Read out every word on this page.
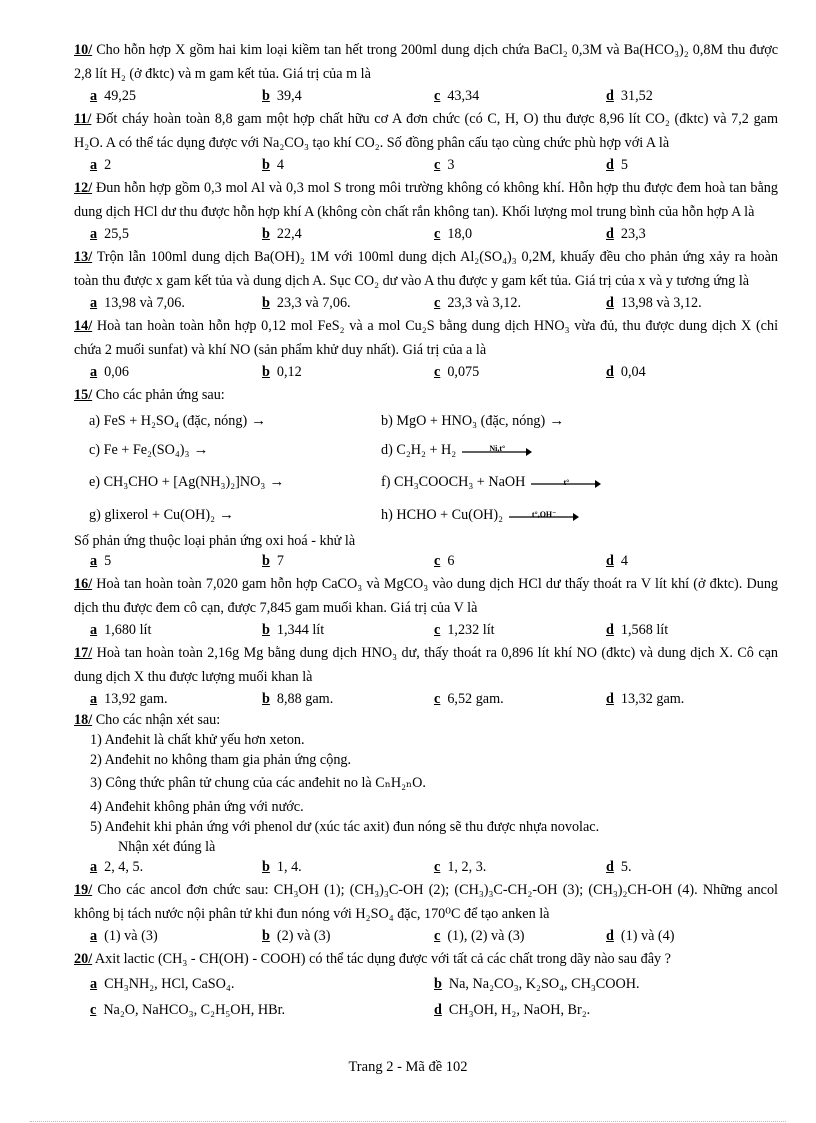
10/ Cho hỗn hợp X gồm hai kim loại kiềm tan hết trong 200ml dung dịch chứa BaCl₂ 0,3M và Ba(HCO₃)₂ 0,8M thu được 2,8 lít H₂ (ở đktc) và m gam kết tủa. Giá trị của m là

a 49,25	b 39,4	c 43,34	d 31,52

11/ Đốt cháy hoàn toàn 8,8 gam một hợp chất hữu cơ A đơn chức (có C, H, O) thu được 8,96 lít CO₂ (đktc) và 7,2 gam H₂O. A có thể tác dụng được với Na₂CO₃ tạo khí CO₂. Số đồng phân cấu tạo cùng chức phù hợp với A là

a 2	b 4	c 3	d 5

12/ Đun hỗn hợp gồm 0,3 mol Al và 0,3 mol S trong môi trường không có không khí. Hỗn hợp thu được đem hoà tan bằng dung dịch HCl dư thu được hỗn hợp khí A (không còn chất rắn không tan). Khối lượng mol trung bình của hỗn hợp A là

a 25,5	b 22,4	c 18,0	d 23,3

13/ Trộn lẫn 100ml dung dịch Ba(OH)₂ 1M với 100ml dung dịch Al₂(SO₄)₃ 0,2M, khuấy đều cho phản ứng xảy ra hoàn toàn thu được x gam kết tủa và dung dịch A. Sục CO₂ dư vào A thu được y gam kết tủa. Giá trị của x và y tương ứng là

a 13,98 và 7,06.	b 23,3 và 7,06.	c 23,3 và 3,12.	d 13,98 và 3,12.

14/ Hoà tan hoàn toàn hỗn hợp 0,12 mol FeS₂ và a mol Cu₂S bằng dung dịch HNO₃ vừa đủ, thu được dung dịch X (chỉ chứa 2 muối sunfat) và khí NO (sản phẩm khử duy nhất). Giá trị của a là

a 0,06	b 0,12	c 0,075	d 0,04

15/ Cho các phản ứng sau:

a) FeS + H₂SO₄ (đặc, nóng) →	b) MgO + HNO₃ (đặc, nóng) →
c) Fe + Fe₂(SO₄)₃ →	d) C₂H₂ + H₂	Ni,t°
e) CH₃CHO + [Ag(NH₃)₂]NO₃ →	f) CH₃COOCH₃ + NaOH	t°
g) glixerol + Cu(OH)₂ →	h) HCHO + Cu(OH)₂	t°,OH⁻

Số phản ứng thuộc loại phản ứng oxi hoá - khử là

a 5	b 7	c 6	d 4

16/ Hoà tan hoàn toàn 7,020 gam hỗn hợp CaCO₃ và MgCO₃ vào dung dịch HCl dư thấy thoát ra V lít khí (ở đktc). Dung dịch thu được đem cô cạn, được 7,845 gam muối khan. Giá trị của V là

a 1,680 lít	b 1,344 lít	c 1,232 lít	d 1,568 lít

17/ Hoà tan hoàn toàn 2,16g Mg bằng dung dịch HNO₃ dư, thấy thoát ra 0,896 lít khí NO (đktc) và dung dịch X. Cô cạn dung dịch X thu được lượng muối khan là

a 13,92 gam.	b 8,88 gam.	c 6,52 gam.	d 13,32 gam.

18/ Cho các nhận xét sau:

1) Anđehit là chất khử yếu hơn xeton.
2) Anđehit no không tham gia phản ứng cộng.
3) Công thức phân tử chung của các anđehit no là CₙH₂ₙO.
4) Anđehit không phản ứng với nước.
5) Anđehit khi phản ứng với phenol dư (xúc tác axit) đun nóng sẽ thu được nhựa novolac.
Nhận xét đúng là
a 2, 4, 5.	b 1, 4.	c 1, 2, 3.	d 5.

19/ Cho các ancol đơn chức sau: CH₃OH (1); (CH₃)₃C-OH (2); (CH₃)₃C-CH₂-OH (3); (CH₃)₂CH-OH (4). Những ancol không bị tách nước nội phân tử khi đun nóng với H₂SO₄ đặc, 170⁰C để tạo anken là

a (1) và (3)	b (2) và (3)	c (1), (2) và (3)	d (1) và (4)

20/ Axit lactic (CH₃ - CH(OH) - COOH) có thể tác dụng được với tất cả các chất trong dãy nào sau đây ?

a CH₃NH₂, HCl, CaSO₄.	b Na, Na₂CO₃, K₂SO₄, CH₃COOH.
c Na₂O, NaHCO₃, C₂H₅OH, HBr.	d CH₃OH, H₂, NaOH, Br₂.
Trang 2 - Mã đề 102
